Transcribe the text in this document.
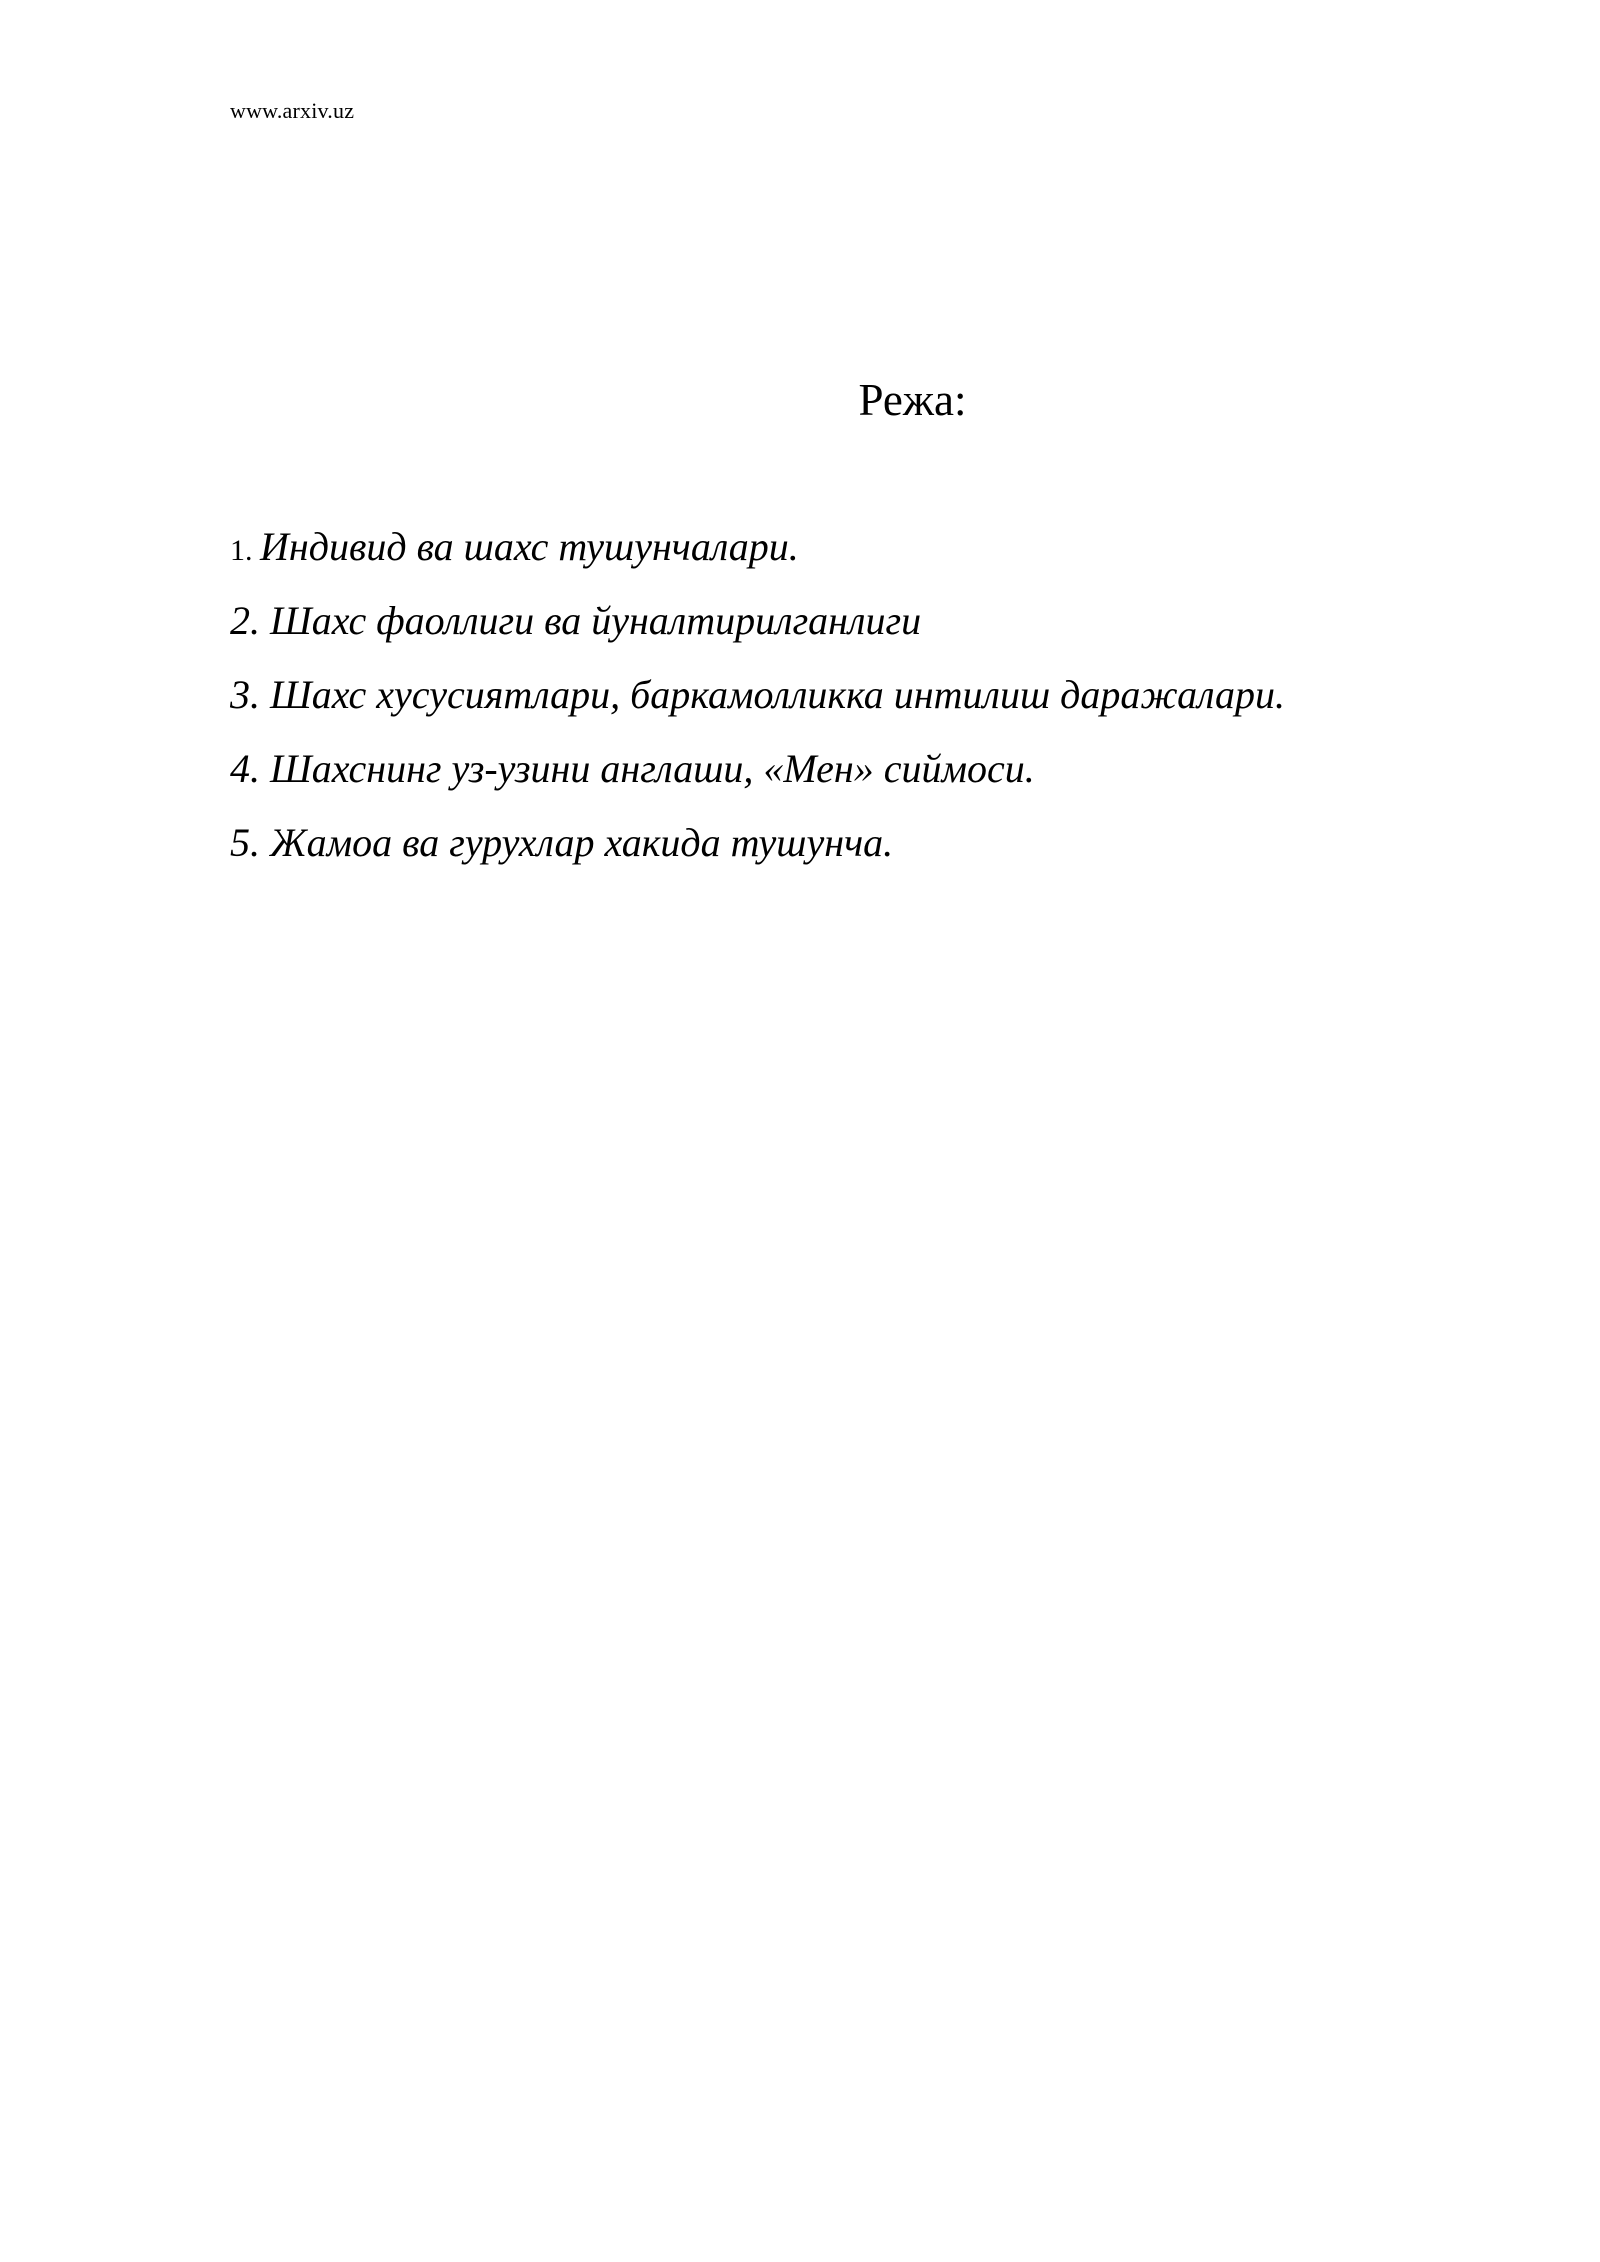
www.arxiv.uz
Режа:
1. Индивид ва шахс тушунчалари.
2. Шахс фаоллиги ва йуналтирилганлиги
3. Шахс хусусиятлари, баркамолликка интилиш даражалари.
4. Шахснинг уз-узини англаши, «Мен» сиймоси.
5. Жамоа ва гурухлар хакида тушунча.
